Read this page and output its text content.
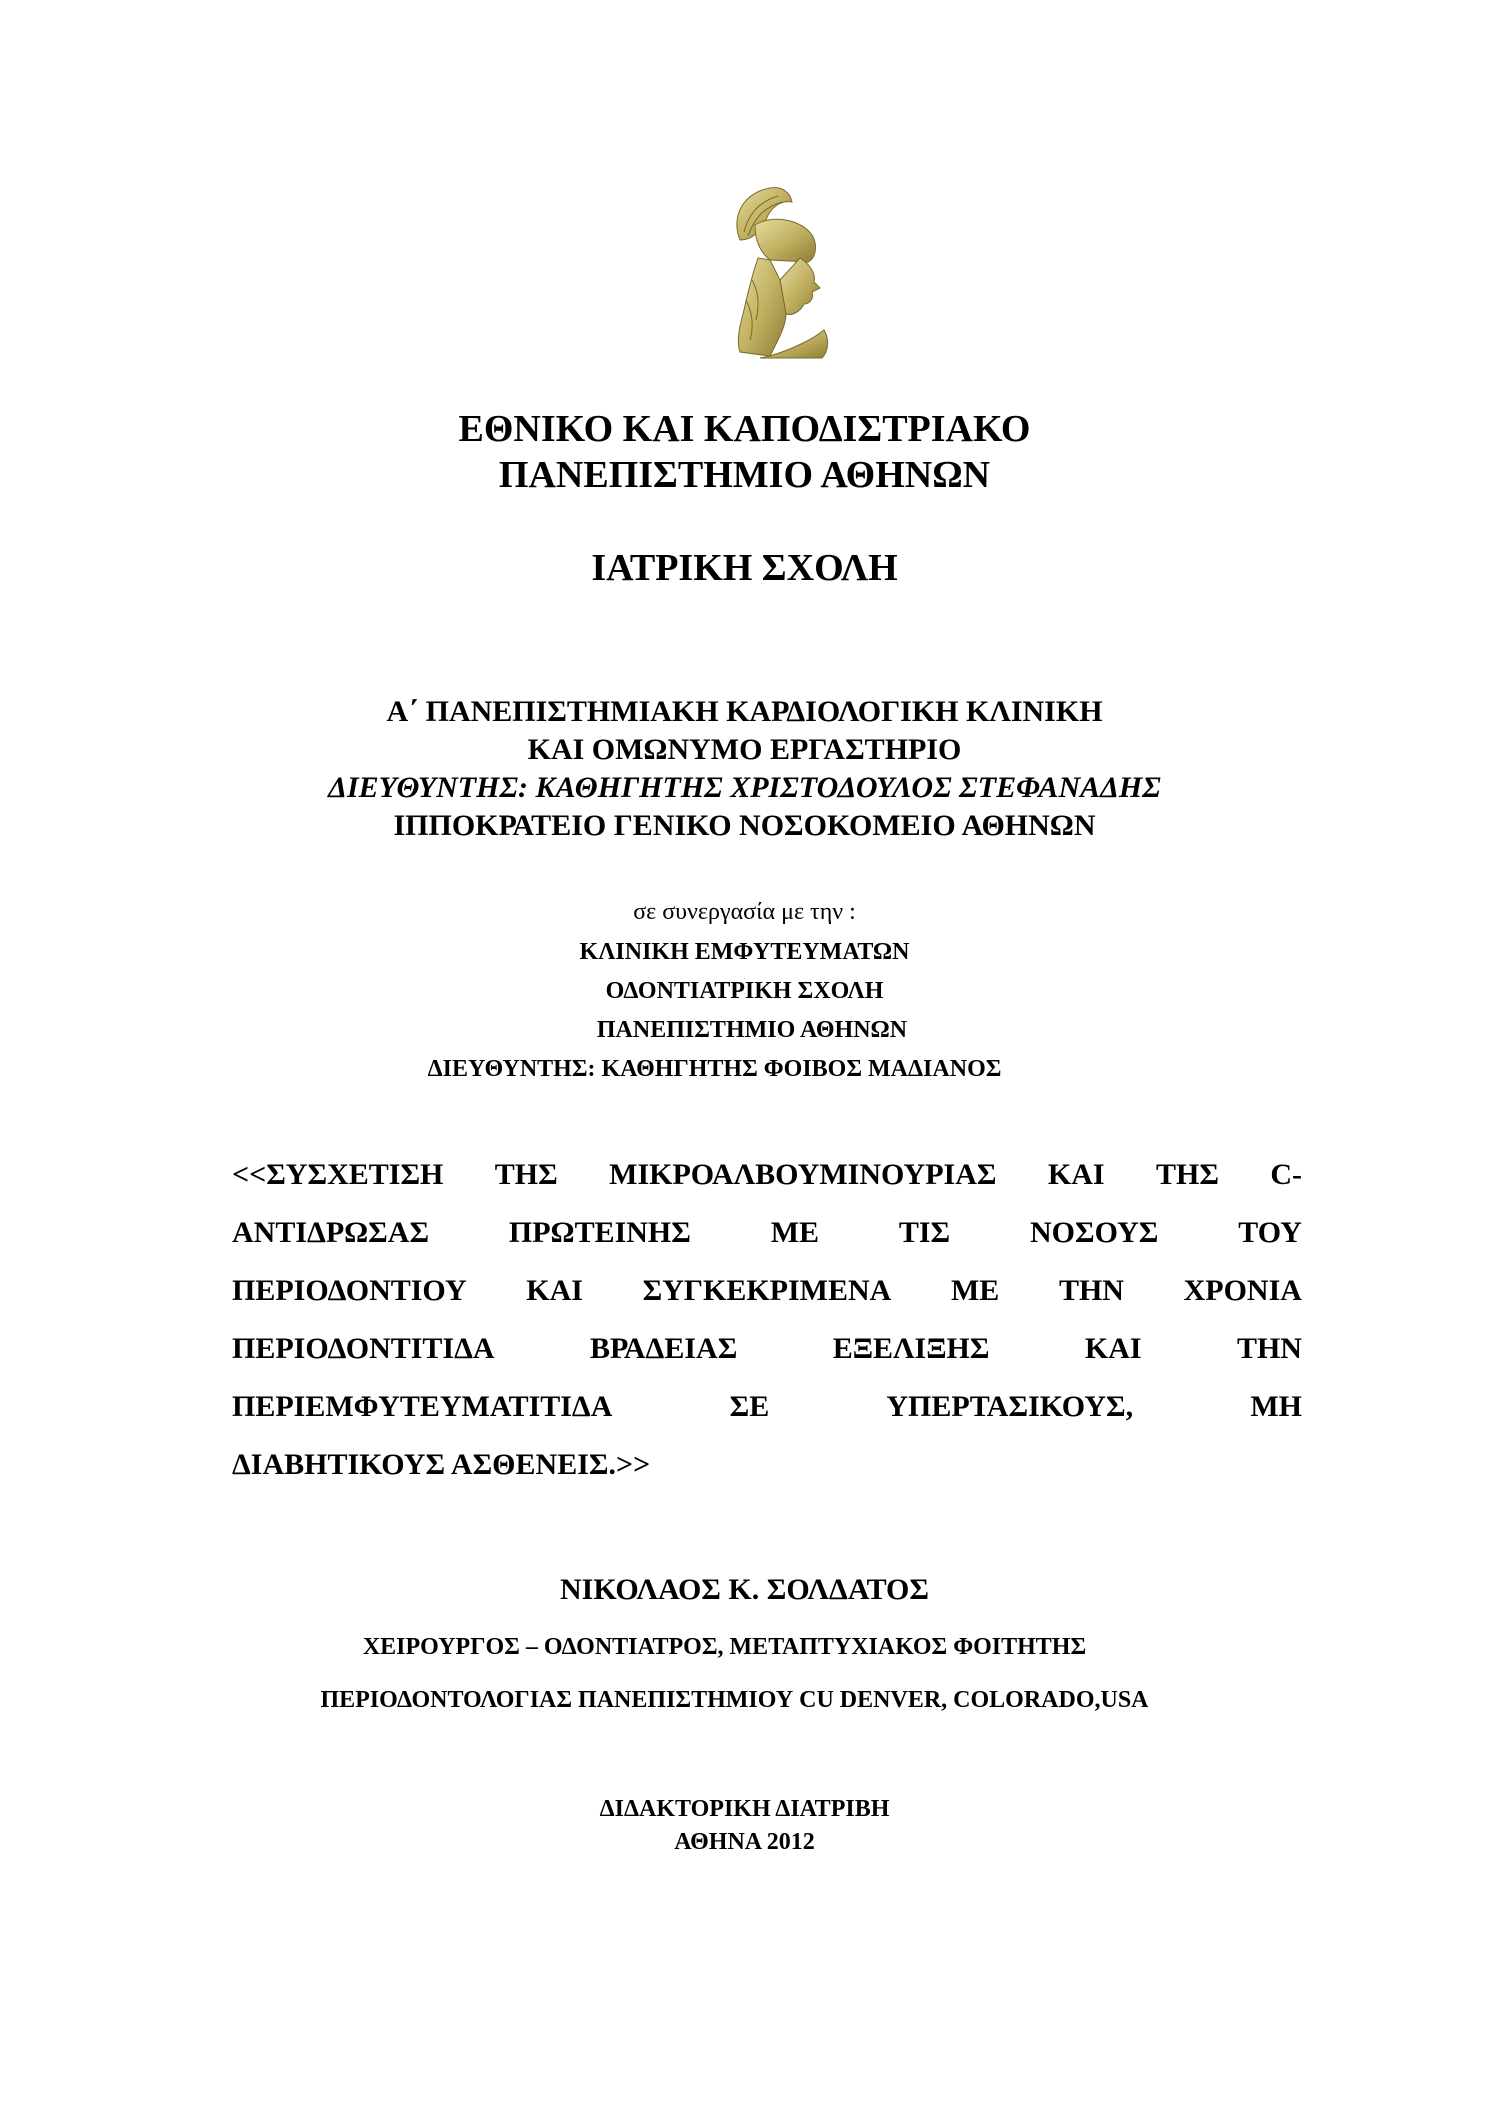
ΕΘΝΙΚΟ ΚΑΙ ΚΑΠΟΔΙΣΤΡΙΑΚΟ
ΠΑΝΕΠΙΣΤΗΜΙΟ ΑΘΗΝΩΝ
ΙΑΤΡΙΚΗ ΣΧΟΛΗ
Α΄ ΠΑΝΕΠΙΣΤΗΜΙΑΚΗ ΚΑΡΔΙΟΛΟΓΙΚΗ ΚΛΙΝΙΚΗ
ΚΑΙ ΟΜΩΝΥΜΟ ΕΡΓΑΣΤΗΡΙΟ
ΔΙΕΥΘΥΝΤΗΣ: ΚΑΘΗΓΗΤΗΣ ΧΡΙΣΤΟΔΟΥΛΟΣ ΣΤΕΦΑΝΑΔΗΣ
ΙΠΠΟΚΡΑΤΕΙΟ ΓΕΝΙΚΟ ΝΟΣΟΚΟΜΕΙΟ ΑΘΗΝΩΝ
σε συνεργασία με την :
ΚΛΙΝΙΚΗ ΕΜΦΥΤΕΥΜΑΤΩΝ
ΟΔΟΝΤΙΑΤΡΙΚΗ ΣΧΟΛΗ
ΠΑΝΕΠΙΣΤΗΜΙΟ ΑΘΗΝΩΝ
ΔΙΕΥΘΥΝΤΗΣ: ΚΑΘΗΓΗΤΗΣ ΦΟΙΒΟΣ ΜΑΔΙΑΝΟΣ
<<ΣΥΣΧΕΤΙΣΗ ΤΗΣ ΜΙΚΡΟΑΛΒΟΥΜΙΝΟΥΡΙΑΣ ΚΑΙ ΤΗΣ C-
ΑΝΤΙΔΡΩΣΑΣ	ΠΡΩΤΕΙΝΗΣ	ΜΕ	ΤΙΣ	ΝΟΣΟΥΣ	ΤΟΥ
ΠΕΡΙΟΔΟΝΤΙΟΥ ΚΑΙ ΣΥΓΚΕΚΡΙΜΕΝΑ ΜΕ ΤΗΝ ΧΡΟΝΙΑ
ΠΕΡΙΟΔΟΝΤΙΤΙΔΑ	ΒΡΑΔΕΙΑΣ	ΕΞΕΛΙΞΗΣ	ΚΑΙ	ΤΗΝ
ΠΕΡΙΕΜΦΥΤΕΥΜΑΤΙΤΙΔΑ	ΣΕ	ΥΠΕΡΤΑΣΙΚΟΥΣ,	ΜΗ
ΔΙΑΒΗΤΙΚΟΥΣ ΑΣΘΕΝΕΙΣ.>>
ΝΙΚΟΛΑΟΣ Κ. ΣΟΛΔΑΤΟΣ
ΧΕΙΡΟΥΡΓΟΣ – ΟΔΟΝΤΙΑΤΡΟΣ, ΜΕΤΑΠΤΥΧΙΑΚΟΣ ΦΟΙΤΗΤΗΣ
ΠΕΡΙΟΔΟΝΤΟΛΟΓΙΑΣ ΠΑΝΕΠΙΣΤΗΜΙΟΥ CU DENVER, COLORADO,USA
ΔΙΔΑΚΤΟΡΙΚΗ ΔΙΑΤΡΙΒΗ
ΑΘΗΝΑ 2012
